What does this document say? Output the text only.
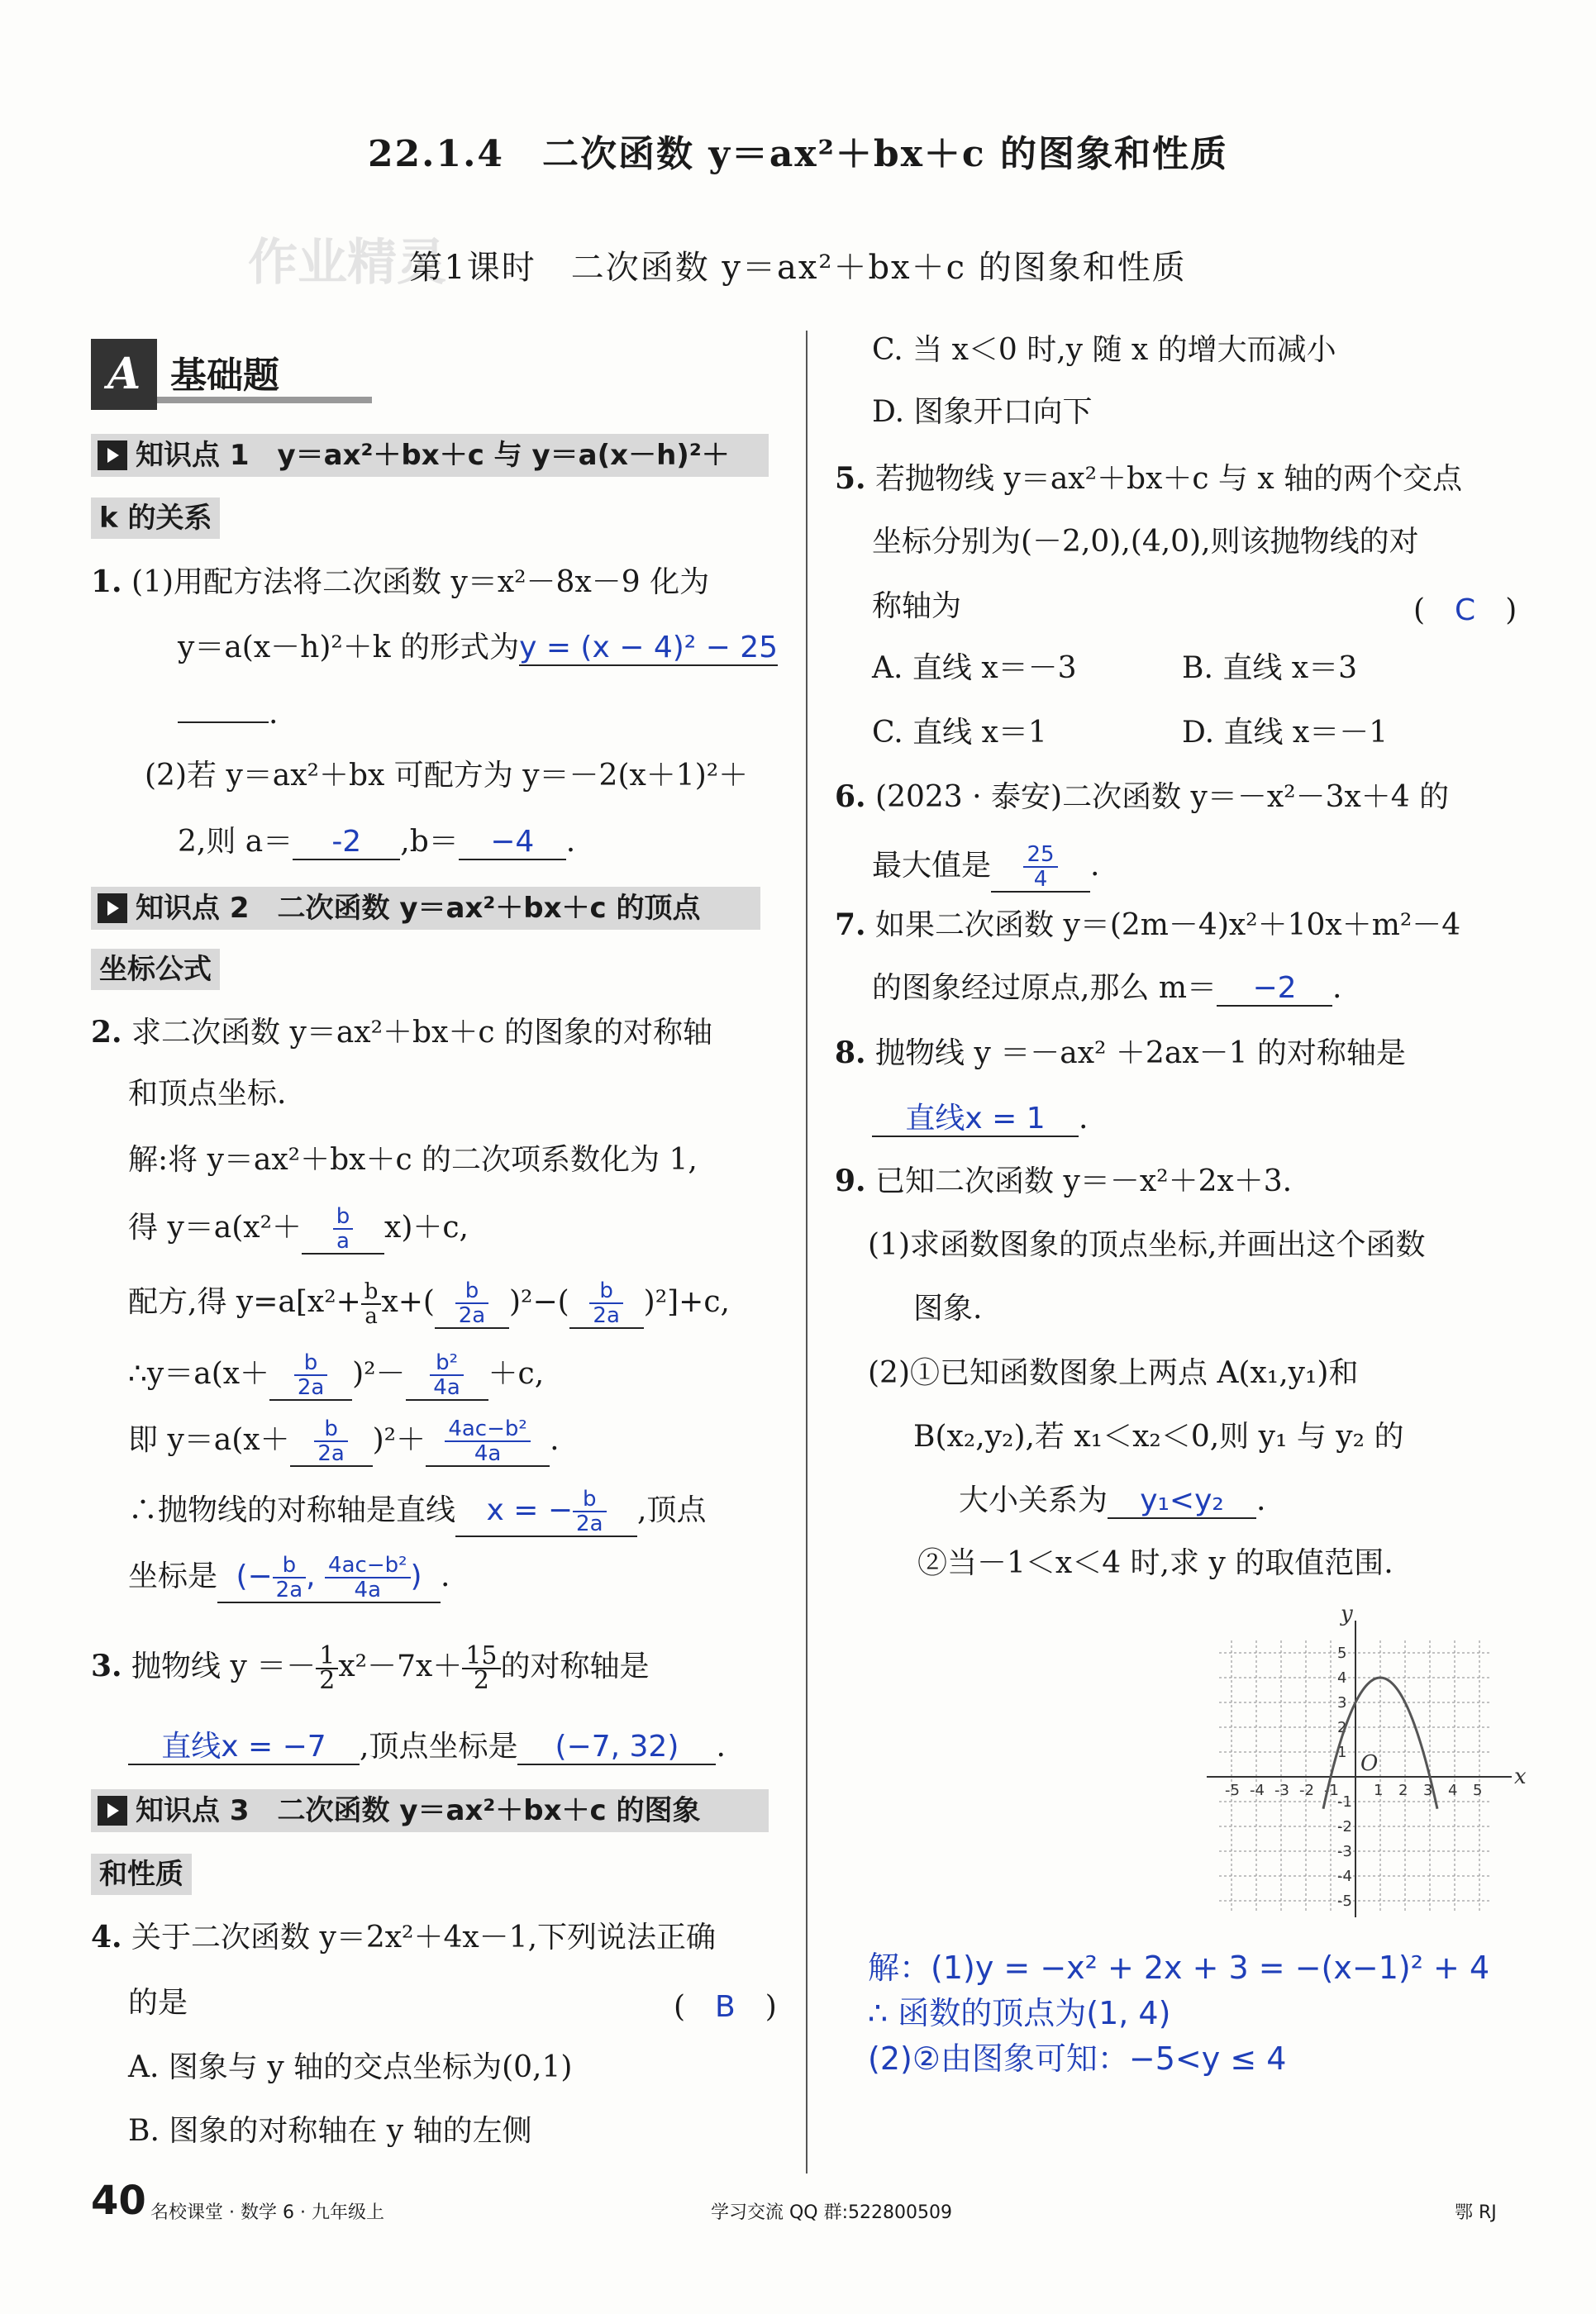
22.1.4　二次函数 y＝ax²＋bx＋c 的图象和性质
作业精灵
第1课时　二次函数 y＝ax²＋bx＋c 的图象和性质
A 基础题
知识点 1　y＝ax²＋bx＋c 与 y＝a(x－h)²＋
k 的关系
1. (1)用配方法将二次函数 y＝x²－8x－9 化为
y＝a(x－h)²＋k 的形式为y = (x − 4)² − 25
.
(2)若 y＝ax²＋bx 可配方为 y＝－2(x＋1)²＋
2,则 a＝ -2 ,b＝ −4 .
知识点 2　二次函数 y＝ax²＋bx＋c 的顶点
坐标公式
2. 求二次函数 y＝ax²＋bx＋c 的图象的对称轴
和顶点坐标.
解:将 y＝ax²＋bx＋c 的二次项系数化为 1,
得 $y=a(x^2+ \frac{b}{a} x)+c$,
配方,得 $y=a[x^2+ \frac{b}{a} x+( \frac{b}{2a} )^2-( \frac{b}{2a} )^2]+c$,
∴y＝a(x＋ $\frac{b}{2a} )^2- \frac{\text{b²}}{4a} +c$,
即 $y=a(x+ \frac{b}{2a} )^2+ \frac{\text{4ac−b²}}{4a}$ .
∴抛物线的对称轴是直线 x = − $\frac{b}{2a}$ ,顶点
坐标是 (− $\frac{b}{2a}$ , $\frac{\text{4ac−b²}}{4a}$ ) .
3. 抛物线 $y =- \frac{1}{2} x^2-7x+ \frac{15}{2}$ 的对称轴是
直线x = −7 ,顶点坐标是 (−7, 32) .
知识点 3　二次函数 y＝ax²＋bx＋c 的图象
和性质
4. 关于二次函数 y＝2x²＋4x－1,下列说法正确
的是	(　B　)
A. 图象与 y 轴的交点坐标为(0,1)
B. 图象的对称轴在 y 轴的左侧
C. 当 x＜0 时,y 随 x 的增大而减小
D. 图象开口向下
5. 若抛物线 y＝ax²＋bx＋c 与 x 轴的两个交点
坐标分别为(－2,0),(4,0),则该抛物线的对
称轴为	(　C　)
A. 直线 x＝－3	B. 直线 x＝3
C. 直线 x＝1	D. 直线 x＝－1
6. (2023 · 泰安)二次函数 y＝－x²－3x＋4 的
最大值是 $\frac{25}{4}$ .
7. 如果二次函数 y＝(2m－4)x²＋10x＋m²－4
的图象经过原点,那么 m＝ −2 .
8. 抛物线 y ＝－ax² ＋2ax－1 的对称轴是
直线x = 1 .
9. 已知二次函数 y＝－x²＋2x＋3.
(1)求函数图象的顶点坐标,并画出这个函数
图象.
(2)①已知函数图象上两点 A(x₁,y₁)和
B(x₂,y₂),若 x₁＜x₂＜0,则 y₁ 与 y₂ 的
大小关系为 y₁<y₂ .
②当－1＜x＜4 时,求 y 的取值范围.
-5 -4 -3 -2 -1 1 2 3 4 5
5
4
3
2
1
-1
-2
-3
-4
-5
y
x
O
解：(1)y = −x² + 2x + 3 = −(x−1)² + 4
∴ 函数的顶点为(1, 4)
(2)②由图象可知：−5<y ≤ 4
40 名校课堂 · 数学 6 · 九年级上	学习交流 QQ 群:522800509	鄂 RJ
